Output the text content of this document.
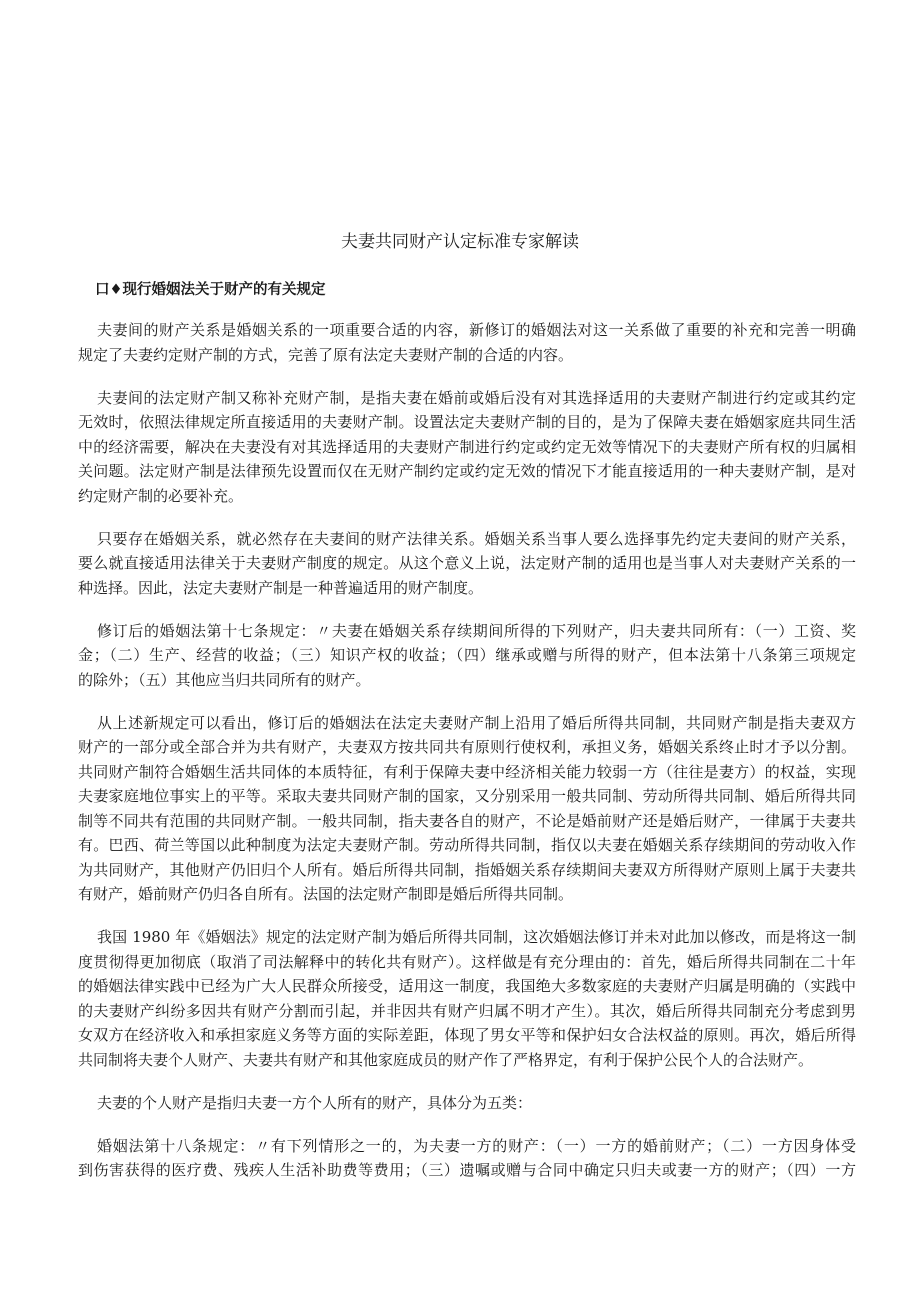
夫妻共同财产认定标准专家解读
口♦现行婚姻法关于财产的有关规定
夫妻间的财产关系是婚姻关系的一项重要合适的内容，新修订的婚姻法对这一关系做了重要的补充和完善一明确
规定了夫妻约定财产制的方式，完善了原有法定夫妻财产制的合适的内容。
夫妻间的法定财产制又称补充财产制，是指夫妻在婚前或婚后没有对其选择适用的夫妻财产制进行约定或其约定
无效时，依照法律规定所直接适用的夫妻财产制。设置法定夫妻财产制的目的，是为了保障夫妻在婚姻家庭共同生活
中的经济需要，解决在夫妻没有对其选择适用的夫妻财产制进行约定或约定无效等情况下的夫妻财产所有权的归属相
关问题。法定财产制是法律预先设置而仅在无财产制约定或约定无效的情况下才能直接适用的一种夫妻财产制，是对
约定财产制的必要补充。
只要存在婚姻关系，就必然存在夫妻间的财产法律关系。婚姻关系当事人要么选择事先约定夫妻间的财产关系，
要么就直接适用法律关于夫妻财产制度的规定。从这个意义上说，法定财产制的适用也是当事人对夫妻财产关系的一
种选择。因此，法定夫妻财产制是一种普遍适用的财产制度。
修订后的婚姻法第十七条规定：〃夫妻在婚姻关系存续期间所得的下列财产，归夫妻共同所有：（一）工资、奖
金；（二）生产、经营的收益；（三）知识产权的收益；（四）继承或赠与所得的财产，但本法第十八条第三项规定
的除外；（五）其他应当归共同所有的财产。
从上述新规定可以看出，修订后的婚姻法在法定夫妻财产制上沿用了婚后所得共同制，共同财产制是指夫妻双方
财产的一部分或全部合并为共有财产，夫妻双方按共同共有原则行使权利，承担义务，婚姻关系终止时才予以分割。
共同财产制符合婚姻生活共同体的本质特征，有利于保障夫妻中经济相关能力较弱一方（往往是妻方）的权益，实现
夫妻家庭地位事实上的平等。采取夫妻共同财产制的国家，又分别采用一般共同制、劳动所得共同制、婚后所得共同
制等不同共有范围的共同财产制。一般共同制，指夫妻各自的财产，不论是婚前财产还是婚后财产，一律属于夫妻共
有。巴西、荷兰等国以此种制度为法定夫妻财产制。劳动所得共同制，指仅以夫妻在婚姻关系存续期间的劳动收入作
为共同财产，其他财产仍旧归个人所有。婚后所得共同制，指婚姻关系存续期间夫妻双方所得财产原则上属于夫妻共
有财产，婚前财产仍归各自所有。法国的法定财产制即是婚后所得共同制。
我国 1980 年《婚姻法》规定的法定财产制为婚后所得共同制，这次婚姻法修订并未对此加以修改，而是将这一制
度贯彻得更加彻底（取消了司法解释中的转化共有财产）。这样做是有充分理由的：首先，婚后所得共同制在二十年
的婚姻法律实践中已经为广大人民群众所接受，适用这一制度，我国绝大多数家庭的夫妻财产归属是明确的（实践中
的夫妻财产纠纷多因共有财产分割而引起，并非因共有财产归属不明才产生）。其次，婚后所得共同制充分考虑到男
女双方在经济收入和承担家庭义务等方面的实际差距，体现了男女平等和保护妇女合法权益的原则。再次，婚后所得
共同制将夫妻个人财产、夫妻共有财产和其他家庭成员的财产作了严格界定，有利于保护公民个人的合法财产。
夫妻的个人财产是指归夫妻一方个人所有的财产，具体分为五类：
婚姻法第十八条规定：〃有下列情形之一的，为夫妻一方的财产：（一）一方的婚前财产；（二）一方因身体受
到伤害获得的医疗费、残疾人生活补助费等费用；（三）遗嘱或赠与合同中确定只归夫或妻一方的财产；（四）一方
